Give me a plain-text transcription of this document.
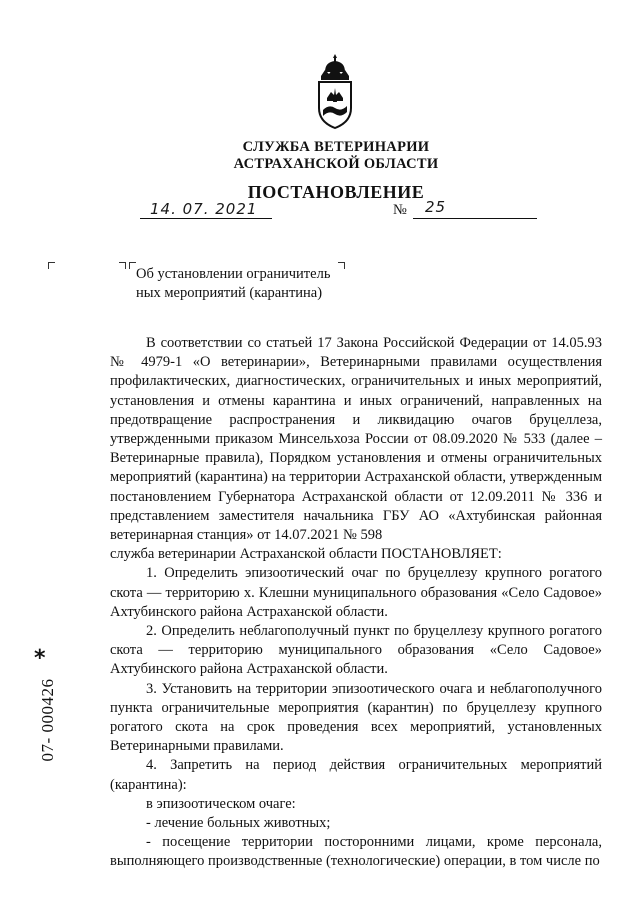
СЛУЖБА ВЕТЕРИНАРИИ
АСТРАХАНСКОЙ ОБЛАСТИ
ПОСТАНОВЛЕНИЕ
14. 07. 2021	№ 25
Об установлении ограничитель
ных мероприятий (карантина)

В соответствии со статьей 17 Закона Российской Федерации от 14.05.93 № 4979-1 «О ветеринарии», Ветеринарными правилами осуществления профилактических, диагностических, ограничительных и иных мероприятий, установления и отмены карантина и иных ограничений, направленных на предотвращение распространения и ликвидацию очагов бруцеллеза, утвержденными приказом Минсельхоза России от 08.09.2020 № 533 (далее – Ветеринарные правила), Порядком установления и отмены ограничительных мероприятий (карантина) на территории Астраханской области, утвержденным постановлением Губернатора Астраханской области от 12.09.2011 № 336 и представлением заместителя начальника ГБУ АО «Ахтубинская районная ветеринарная станция» от 14.07.2021 № 598

служба ветеринарии Астраханской области ПОСТАНОВЛЯЕТ:

1. Определить эпизоотический очаг по бруцеллезу крупного рогатого скота — территорию х. Клешни муниципального образования «Село Садовое» Ахтубинского района Астраханской области.

2. Определить неблагополучный пункт по бруцеллезу крупного рогатого скота — территорию муниципального образования «Село Садовое» Ахтубинского района Астраханской области.

3. Установить на территории эпизоотического очага и неблагополучного пункта ограничительные мероприятия (карантин) по бруцеллезу крупного рогатого скота на срок проведения всех мероприятий, установленных Ветеринарными правилами.

4. Запретить на период действия ограничительных мероприятий (карантина):

в эпизоотическом очаге:

- лечение больных животных;

- посещение территории посторонними лицами, кроме персонала, выполняющего производственные (технологические) операции, в том числе по

*
07- 000426
